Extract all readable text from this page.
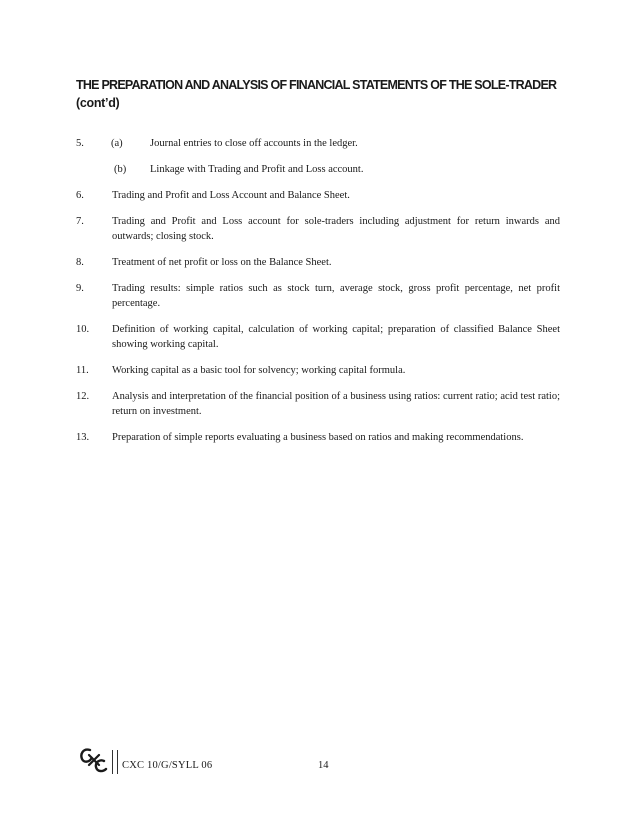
THE PREPARATION AND ANALYSIS OF FINANCIAL STATEMENTS OF THE SOLE-TRADER
(cont’d)
5.	(a)	Journal entries to close off accounts in the ledger.
(b) Linkage with Trading and Profit and Loss account.
6.	Trading and Profit and Loss Account and Balance Sheet.
7.	Trading and Profit and Loss account for sole-traders including adjustment for return inwards and outwards; closing stock.
8.	Treatment of net profit or loss on the Balance Sheet.
9.	Trading results: simple ratios such as stock turn, average stock, gross profit percentage, net profit percentage.
10. Definition of working capital, calculation of working capital; preparation of classified Balance Sheet showing working capital.
11. Working capital as a basic tool for solvency; working capital formula.
12. Analysis and interpretation of the financial position of a business using ratios: current ratio; acid test ratio; return on investment.
13. Preparation of simple reports evaluating a business based on ratios and making recommendations.
CXC 10/G/SYLL 06	14
